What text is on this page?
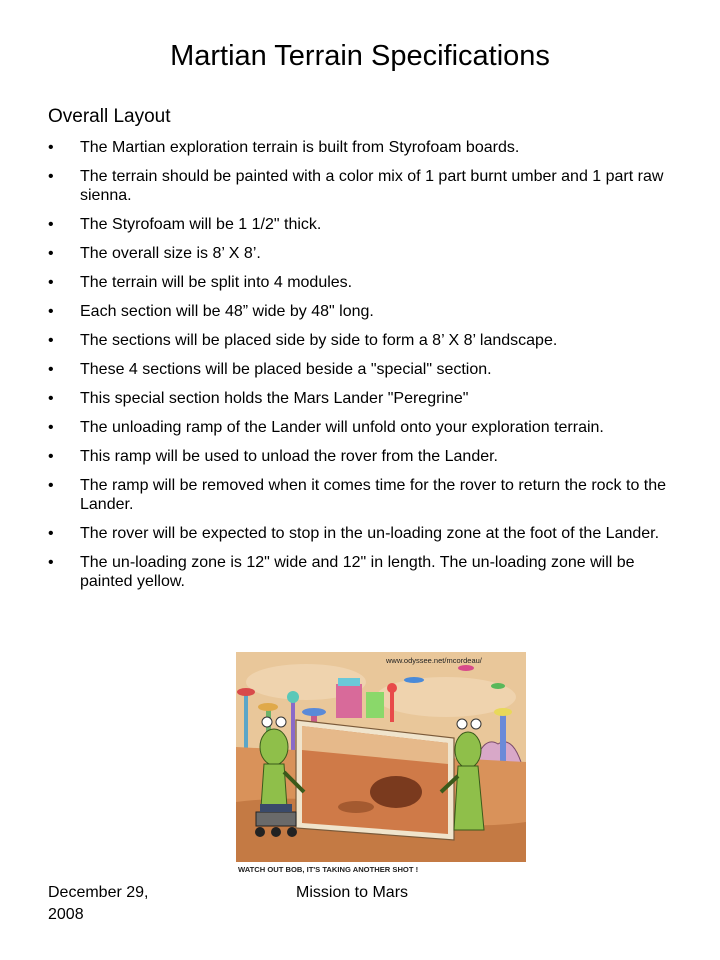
Martian Terrain Specifications
Overall Layout
• The Martian exploration terrain is built from Styrofoam boards.
• The terrain should be painted with a color mix of 1 part burnt umber and 1 part raw sienna.
• The Styrofoam will be 1 1/2" thick.
• The overall size is 8’ X 8’.
• The terrain will be split into 4 modules.
• Each section will be 48” wide by 48" long.
• The sections will be placed side by side to form a 8’ X 8’ landscape.
• These 4 sections will be placed beside a "special" section.
• This special section holds the Mars Lander "Peregrine"
• The unloading ramp of the Lander will unfold onto your exploration terrain.
• This ramp will be used to unload the rover from the Lander.
• The ramp will be removed when it comes time for the rover to return the rock to the Lander.
• The rover will be expected to stop in the un-loading zone at the foot of the Lander.
• The un-loading zone is 12" wide and 12" in length. The un-loading zone will be painted yellow.
www.odyssee.net/mcordeau/
WATCH OUT BOB, IT'S TAKING ANOTHER SHOT !
December 29, 2008
Mission to Mars
